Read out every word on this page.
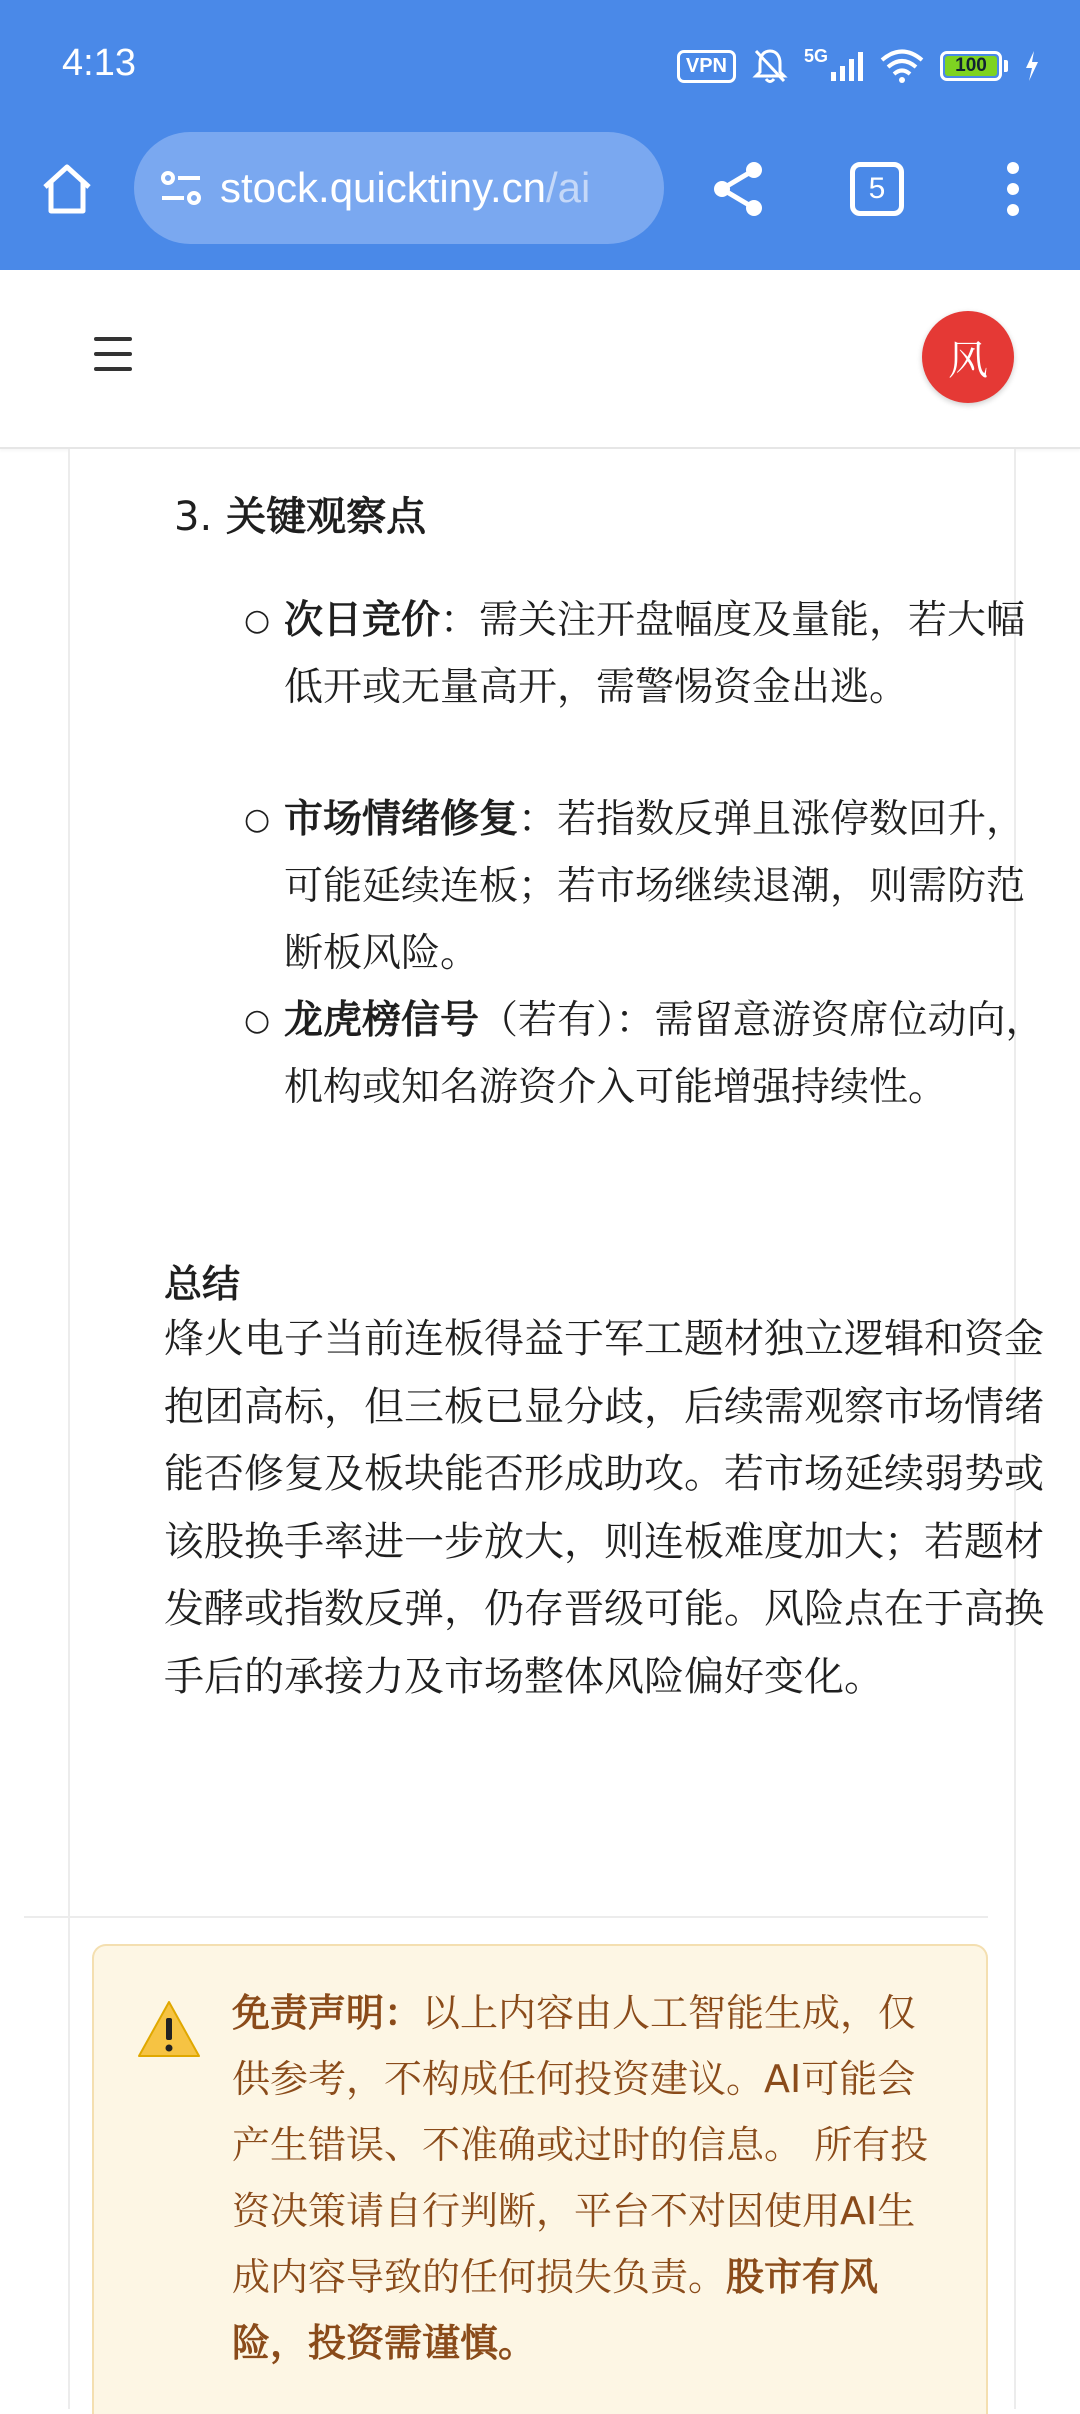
4:13	VPN	5G	100
stock.quicktiny.cn/ai	5
风
3. 关键观察点
○ 次日竞价：需关注开盘幅度及量能，若大幅低开或无量高开，需警惕资金出逃。
○ 市场情绪修复：若指数反弹且涨停数回升，可能延续连板；若市场继续退潮，则需防范断板风险。
○ 龙虎榜信号（若有）：需留意游资席位动向，机构或知名游资介入可能增强持续性。
总结
烽火电子当前连板得益于军工题材独立逻辑和资金抱团高标，但三板已显分歧，后续需观察市场情绪能否修复及板块能否形成助攻。若市场延续弱势或该股换手率进一步放大，则连板难度加大；若题材发酵或指数反弹，仍存晋级可能。风险点在于高换手后的承接力及市场整体风险偏好变化。
免责声明：以上内容由人工智能生成，仅供参考，不构成任何投资建议。AI可能会产生错误、不准确或过时的信息。 所有投资决策请自行判断，平台不对因使用AI生成内容导致的任何损失负责。股市有风险，投资需谨慎。
